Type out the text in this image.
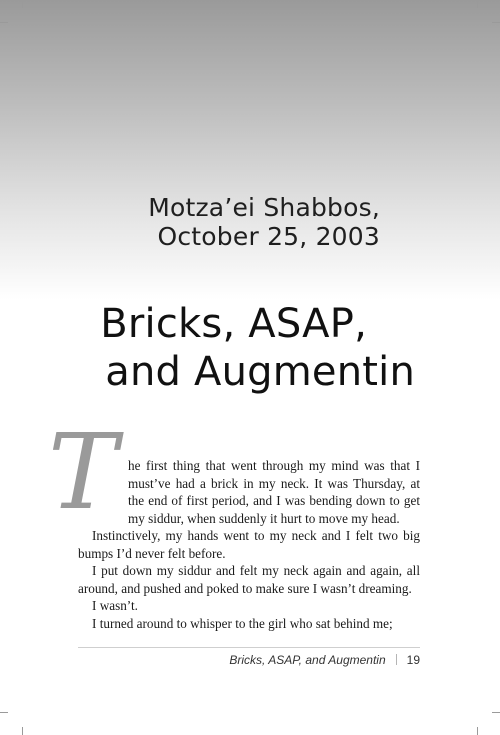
Motza’ei Shabbos,
October 25, 2003
Bricks, ASAP,
and Augmentin
T he first thing that went through my mind was that I must’ve had a brick in my neck. It was Thursday, at the end of first period, and I was bending down to get my siddur, when suddenly it hurt to move my head.

Instinctively, my hands went to my neck and I felt two big bumps I’d never felt before.

I put down my siddur and felt my neck again and again, all around, and pushed and poked to make sure I wasn’t dreaming.

I wasn’t.

I turned around to whisper to the girl who sat behind me;

Bricks, ASAP, and Augmentin 19
